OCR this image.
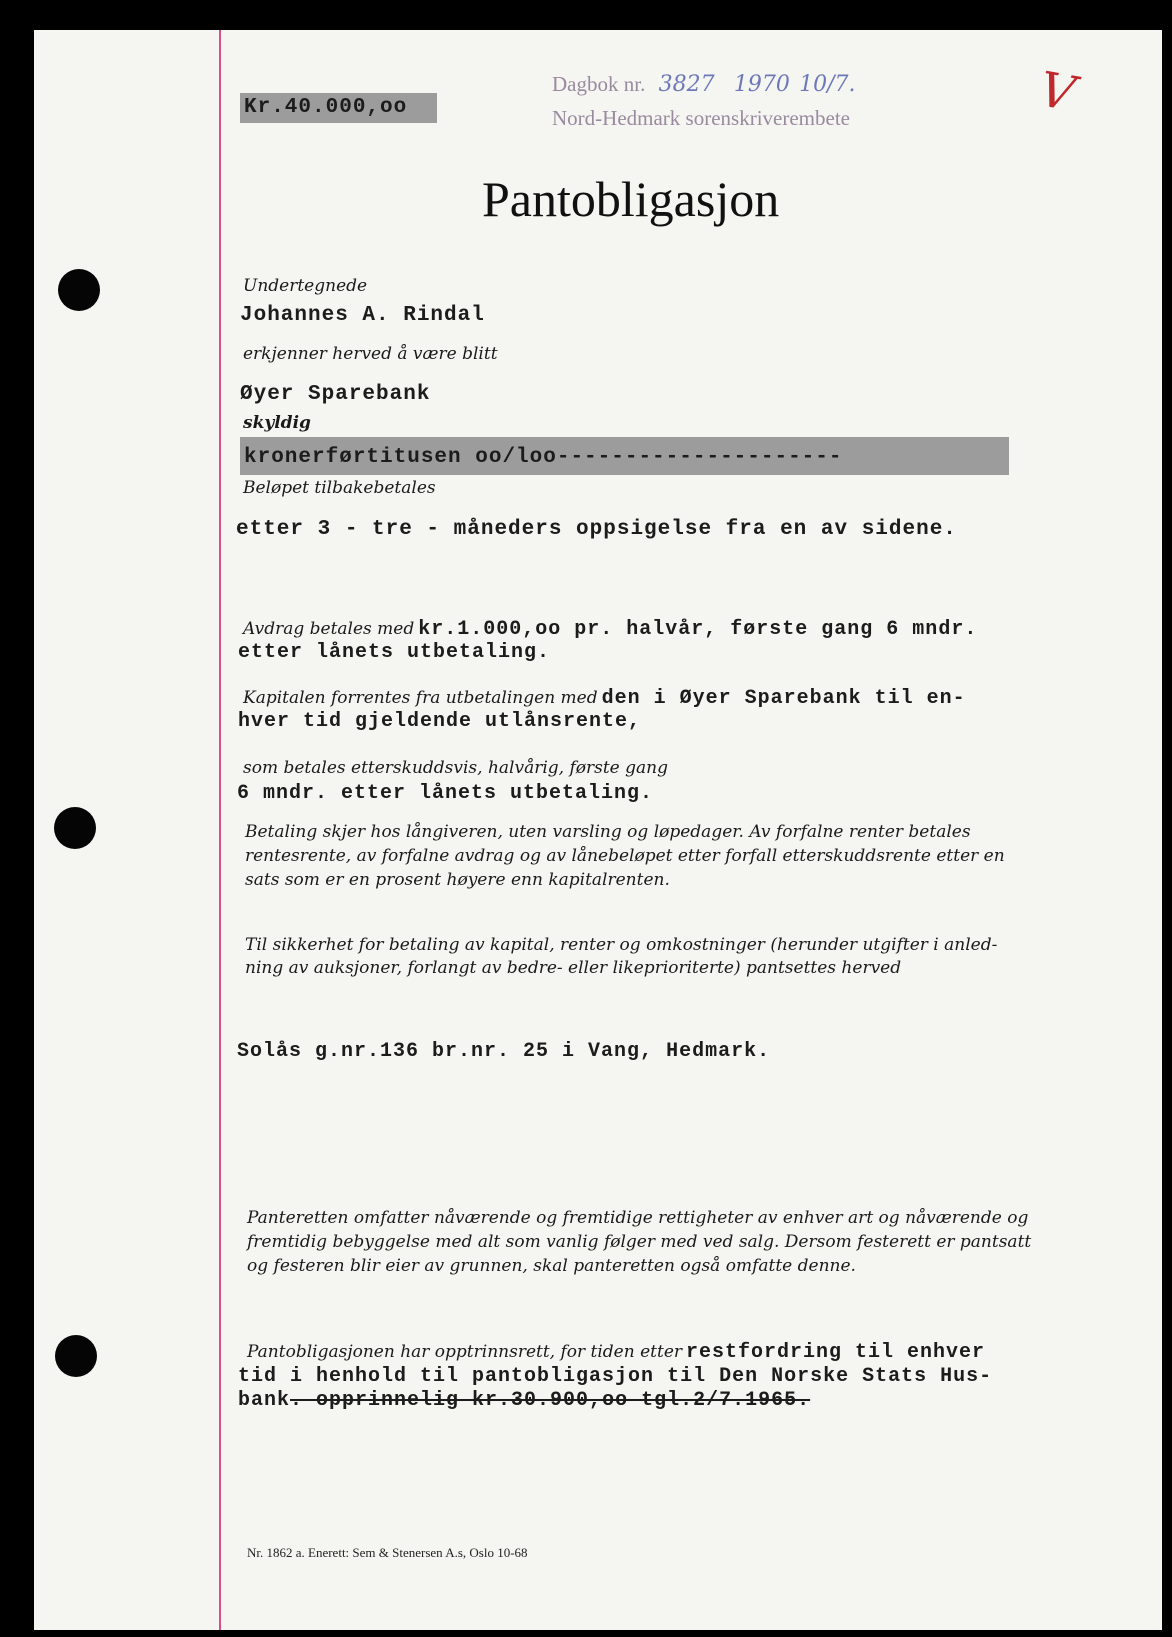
Kr.40.000,oo
Dagbok nr. 3827 1970 10/7.
Nord-Hedmark sorenskriverembete	V
Pantobligasjon
Undertegnede
Johannes A. Rindal
erkjenner herved å være blitt
Øyer Sparebank
skyldig
kronerførtitusen oo/loo---------------------
Beløpet tilbakebetales
etter 3 - tre - måneders oppsigelse fra en av sidene.
Avdrag betales med kr.1.000,oo pr. halvår, første gang 6 mndr.
etter lånets utbetaling.
Kapitalen forrentes fra utbetalingen med den i Øyer Sparebank til en-
hver tid gjeldende utlånsrente,
som betales etterskuddsvis, halvårig, første gang
6 mndr. etter lånets utbetaling.
Betaling skjer hos långiveren, uten varsling og løpedager. Av forfalne renter betales
rentesrente, av forfalne avdrag og av lånebeløpet etter forfall etterskuddsrente etter en
sats som er en prosent høyere enn kapitalrenten.
Til sikkerhet for betaling av kapital, renter og omkostninger (herunder utgifter i anled-
ning av auksjoner, forlangt av bedre- eller likeprioriterte) pantsettes herved
Solås g.nr.136 br.nr. 25 i Vang, Hedmark.
Panteretten omfatter nåværende og fremtidige rettigheter av enhver art og nåværende og
fremtidig bebyggelse med alt som vanlig følger med ved salg. Dersom festerett er pantsatt
og festeren blir eier av grunnen, skal panteretten også omfatte denne.
Pantobligasjonen har opptrinnsrett, for tiden etter restfordring til enhver
tid i henhold til pantobligasjon til Den Norske Stats Hus-
bank. opprinnelig kr.30.900,oo tgl.2/7.1965.
Nr. 1862 a. Enerett: Sem & Stenersen A.s, Oslo 10-68
